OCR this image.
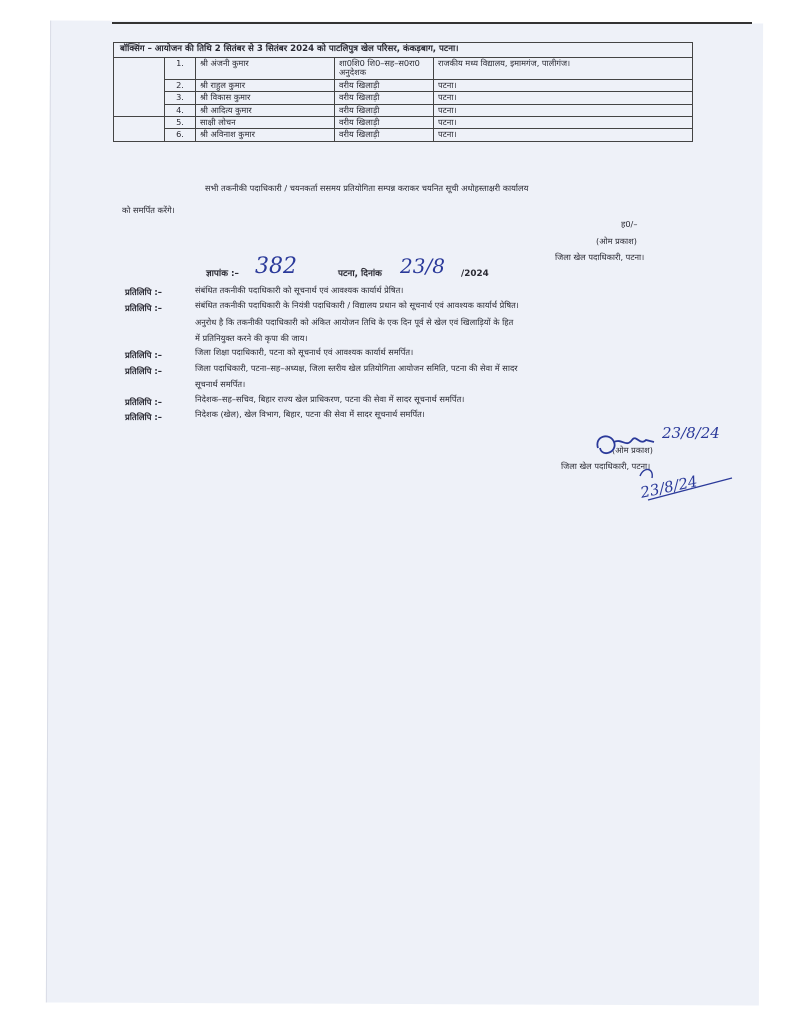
बॉक्सिंग – आयोजन की तिथि 2 सितंबर से 3 सितंबर 2024 को पाटलिपुत्र खेल परिसर, कंकड़बाग, पटना।				
	1.	श्री अंजनी कुमार	शा0शि0 शि0–सह–स0रा0 अनुदेशक	राजकीय मध्य विद्यालय, इमामगंज, पालीगंज।
	2.	श्री राहुल कुमार	वरीय खिलाड़ी	पटना।
	3.	श्री विकास कुमार	वरीय खिलाड़ी	पटना।
	4.	श्री आदित्य कुमार	वरीय खिलाड़ी	पटना।
	5.	साक्षी लोचन	वरीय खिलाड़ी	पटना।
	6.	श्री अविनाश कुमार	वरीय खिलाड़ी	पटना।
सभी तकनीकी पदाधिकारी / चयनकर्ता ससमय प्रतियोगिता सम्पन्न कराकर चयनित सूची अधोहस्ताक्षरी कार्यालय
को समर्पित करेंगे।
ह0/–
(ओम प्रकाश)
जिला खेल पदाधिकारी, पटना।
ज्ञापांक :– 382	पटना, दिनांक 23/8 /2024
प्रतिलिपि :–	संबंधित तकनीकी पदाधिकारी को सूचनार्थ एवं आवश्यक कार्यार्थ प्रेषित।
प्रतिलिपि :–	संबंधित तकनीकी पदाधिकारी के नियंत्री पदाधिकारी / विद्यालय प्रधान को सूचनार्थ एवं आवश्यक कार्यार्थ प्रेषित।
अनुरोध है कि तकनीकी पदाधिकारी को अंकित आयोजन तिथि के एक दिन पूर्व से खेल एवं खिलाड़ियों के हित
में प्रतिनियुक्त करने की कृपा की जाय।
प्रतिलिपि :–	जिला शिक्षा पदाधिकारी, पटना को सूचनार्थ एवं आवश्यक कार्यार्थ समर्पित।
प्रतिलिपि :–	जिला पदाधिकारी, पटना–सह–अध्यक्ष, जिला स्तरीय खेल प्रतियोगिता आयोजन समिति, पटना की सेवा में सादर
सूचनार्थ समर्पित।
प्रतिलिपि :–	निदेशक–सह–सचिव, बिहार राज्य खेल प्राधिकरण, पटना की सेवा में सादर सूचनार्थ समर्पित।
प्रतिलिपि :–	निदेशक (खेल), खेल विभाग, बिहार, पटना की सेवा में सादर सूचनार्थ समर्पित।
(ओम प्रकाश)
जिला खेल पदाधिकारी, पटना।
23/8/24
23/8/24
